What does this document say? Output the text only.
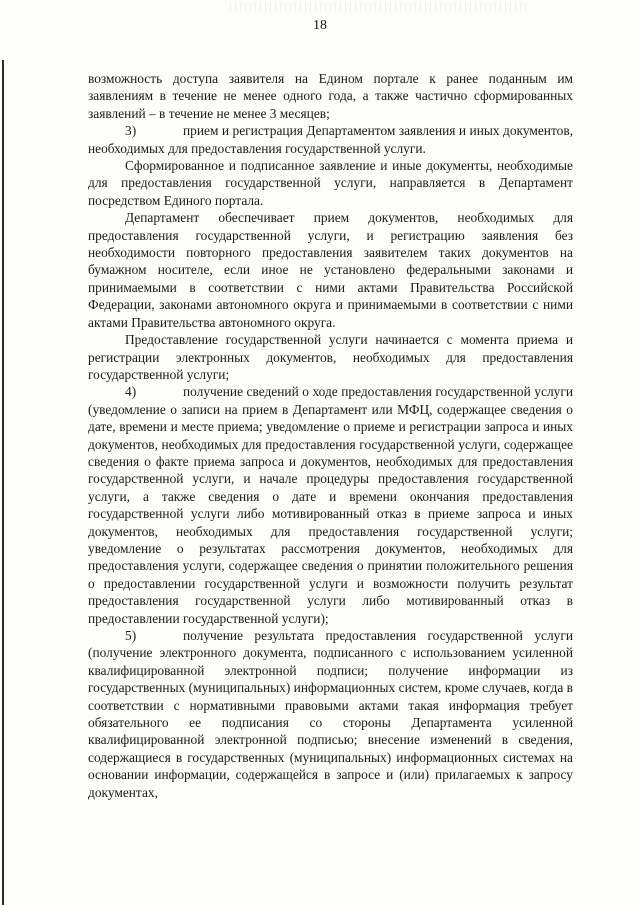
18

возможность доступа заявителя на Едином портале к ранее поданным им заявлениям в течение не менее одного года, а также частично сформированных заявлений – в течение не менее 3 месяцев;

3)	прием и регистрация Департаментом заявления и иных документов, необходимых для предоставления государственной услуги.

Сформированное и подписанное заявление и иные документы, необходимые для предоставления государственной услуги, направляется в Департамент посредством Единого портала.

Департамент обеспечивает прием документов, необходимых для предоставления государственной услуги, и регистрацию заявления без необходимости повторного предоставления заявителем таких документов на бумажном носителе, если иное не установлено федеральными законами и принимаемыми в соответствии с ними актами Правительства Российской Федерации, законами автономного округа и принимаемыми в соответствии с ними актами Правительства автономного округа.

Предоставление государственной услуги начинается с момента приема и регистрации электронных документов, необходимых для предоставления государственной услуги;

4)	получение сведений о ходе предоставления государственной услуги (уведомление о записи на прием в Департамент или МФЦ, содержащее сведения о дате, времени и месте приема; уведомление о приеме и регистрации запроса и иных документов, необходимых для предоставления государственной услуги, содержащее сведения о факте приема запроса и документов, необходимых для предоставления государственной услуги, и начале процедуры предоставления государственной услуги, а также сведения о дате и времени окончания предоставления государственной услуги либо мотивированный отказ в приеме запроса и иных документов, необходимых для предоставления государственной услуги; уведомление о результатах рассмотрения документов, необходимых для предоставления услуги, содержащее сведения о принятии положительного решения о предоставлении государственной услуги и возможности получить результат предоставления государственной услуги либо мотивированный отказ в предоставлении государственной услуги);

5)	получение результата предоставления государственной услуги (получение электронного документа, подписанного с использованием усиленной квалифицированной электронной подписи; получение информации из государственных (муниципальных) информационных систем, кроме случаев, когда в соответствии с нормативными правовыми актами такая информация требует обязательного ее подписания со стороны Департамента усиленной квалифицированной электронной подписью; внесение изменений в сведения, содержащиеся в государственных (муниципальных) информационных системах на основании информации, содержащейся в запросе и (или) прилагаемых к запросу документах,
